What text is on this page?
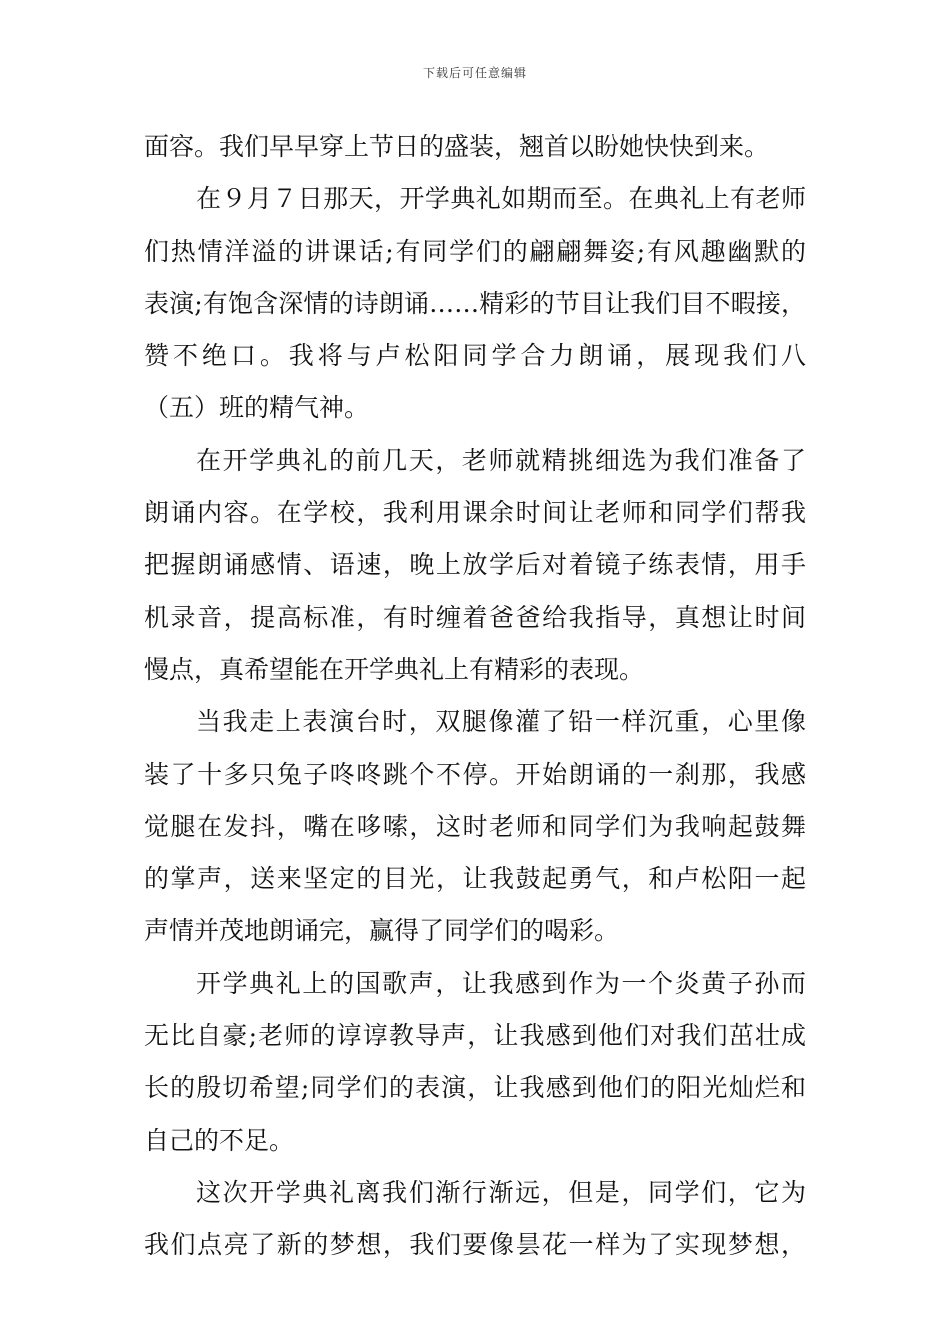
下载后可任意编辑
面容。我们早早穿上节日的盛装，翘首以盼她快快到来。
在９月７日那天，开学典礼如期而至。在典礼上有老师
们热情洋溢的讲课话;有同学们的翩翩舞姿;有风趣幽默的
表演;有饱含深情的诗朗诵……精彩的节目让我们目不暇接，
赞不绝口。我将与卢松阳同学合力朗诵，展现我们八
（五）班的精气神。
在开学典礼的前几天，老师就精挑细选为我们准备了
朗诵内容。在学校，我利用课余时间让老师和同学们帮我
把握朗诵感情、语速，晚上放学后对着镜子练表情，用手
机录音，提高标准，有时缠着爸爸给我指导，真想让时间
慢点，真希望能在开学典礼上有精彩的表现。
当我走上表演台时，双腿像灌了铅一样沉重，心里像
装了十多只兔子咚咚跳个不停。开始朗诵的一刹那，我感
觉腿在发抖，嘴在哆嗦，这时老师和同学们为我响起鼓舞
的掌声，送来坚定的目光，让我鼓起勇气，和卢松阳一起
声情并茂地朗诵完，赢得了同学们的喝彩。
开学典礼上的国歌声，让我感到作为一个炎黄子孙而
无比自豪;老师的谆谆教导声，让我感到他们对我们茁壮成
长的殷切希望;同学们的表演，让我感到他们的阳光灿烂和
自己的不足。
这次开学典礼离我们渐行渐远，但是，同学们，它为
我们点亮了新的梦想，我们要像昙花一样为了实现梦想，
